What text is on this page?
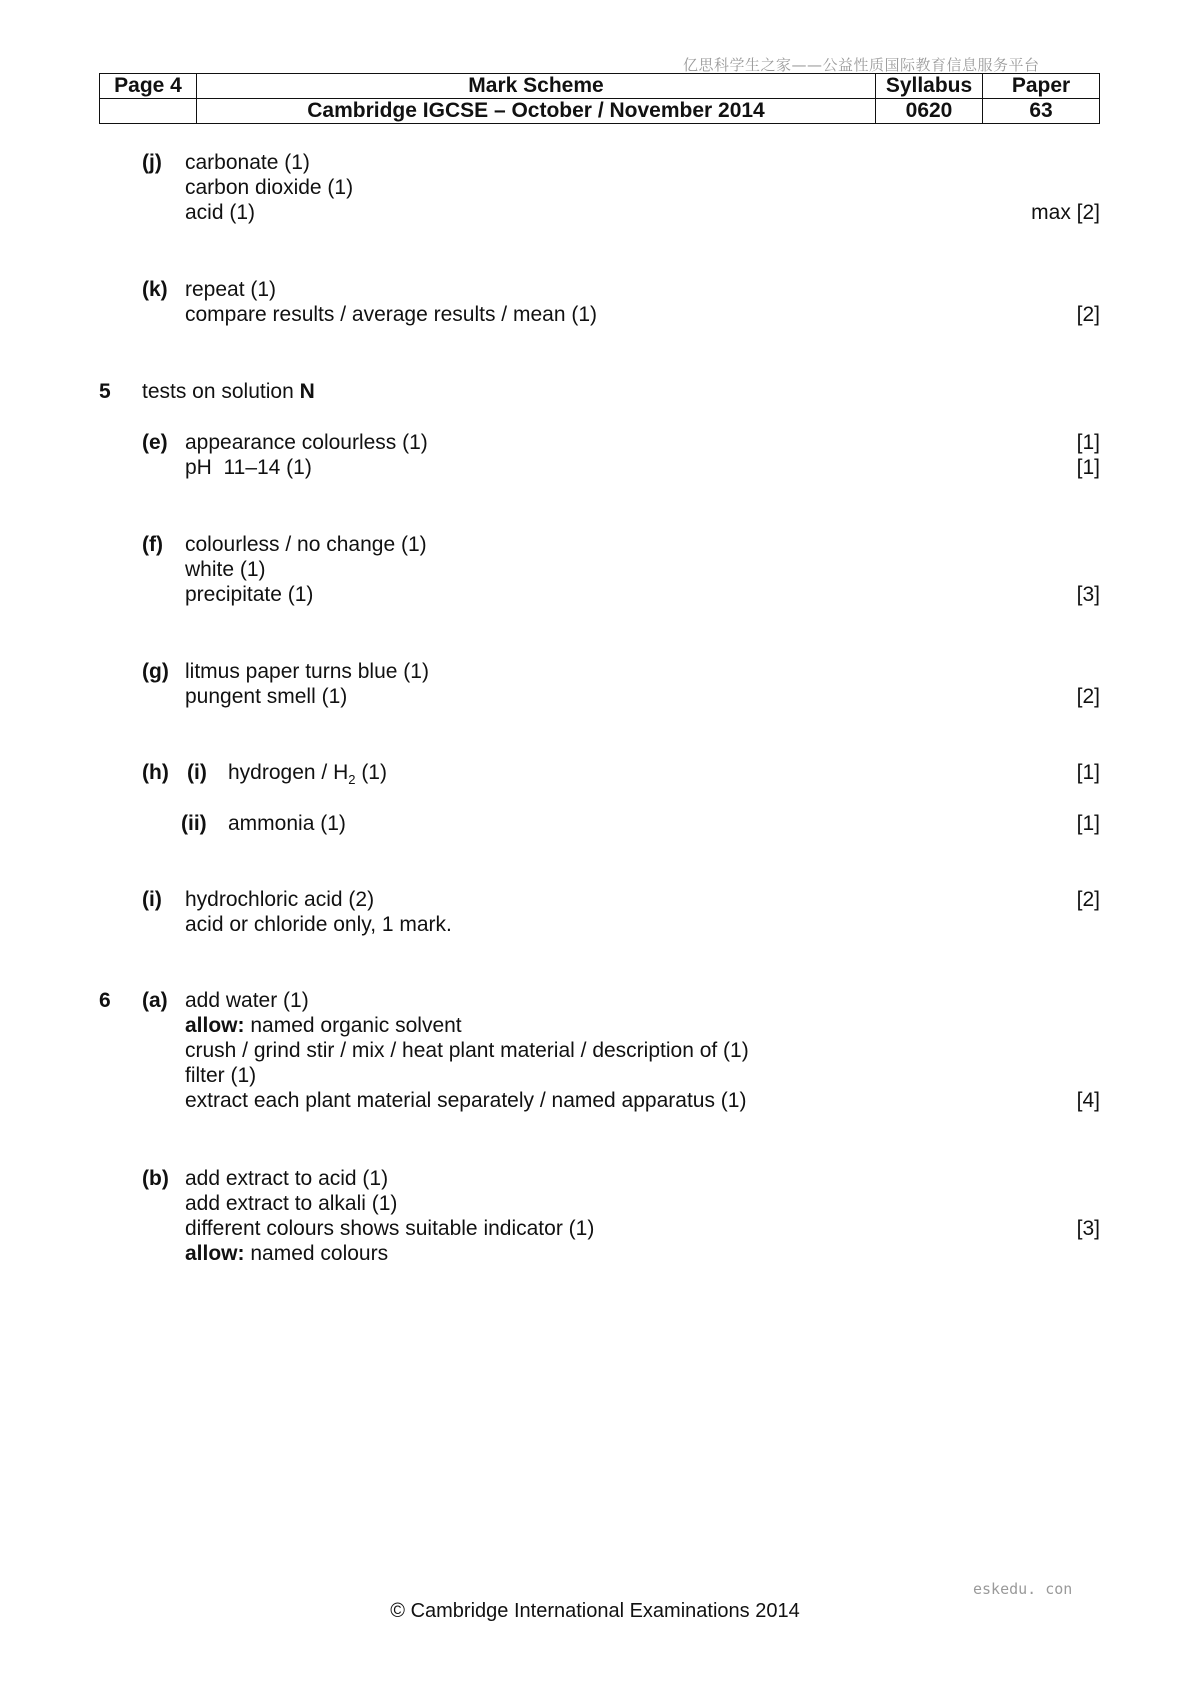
亿思科学生之家——公益性质国际教育信息服务平台
Page 4	Mark Scheme	Syllabus	Paper
	Cambridge IGCSE – October / November 2014	0620	63
(j) carbonate (1)
carbon dioxide (1)
acid (1)	max [2]
(k) repeat (1)
compare results / average results / mean (1)	[2]
5 tests on solution N
(e) appearance colourless (1)	[1]
pH  11–14 (1)	[1]
(f) colourless / no change (1)
white (1)
precipitate (1)	[3]
(g) litmus paper turns blue (1)
pungent smell (1)	[2]
(h) (i) hydrogen / $H_2$ (1)	[1]
(ii) ammonia (1)	[1]
(i) hydrochloric acid (2)	[2]
acid or chloride only, 1 mark.
6 (a) add water (1)
allow: named organic solvent
crush / grind stir / mix / heat plant material / description of (1)
filter (1)
extract each plant material separately / named apparatus (1)	[4]
(b) add extract to acid (1)
add extract to alkali (1)
different colours shows suitable indicator (1)	[3]
allow: named colours
eskedu. con
© Cambridge International Examinations 2014
